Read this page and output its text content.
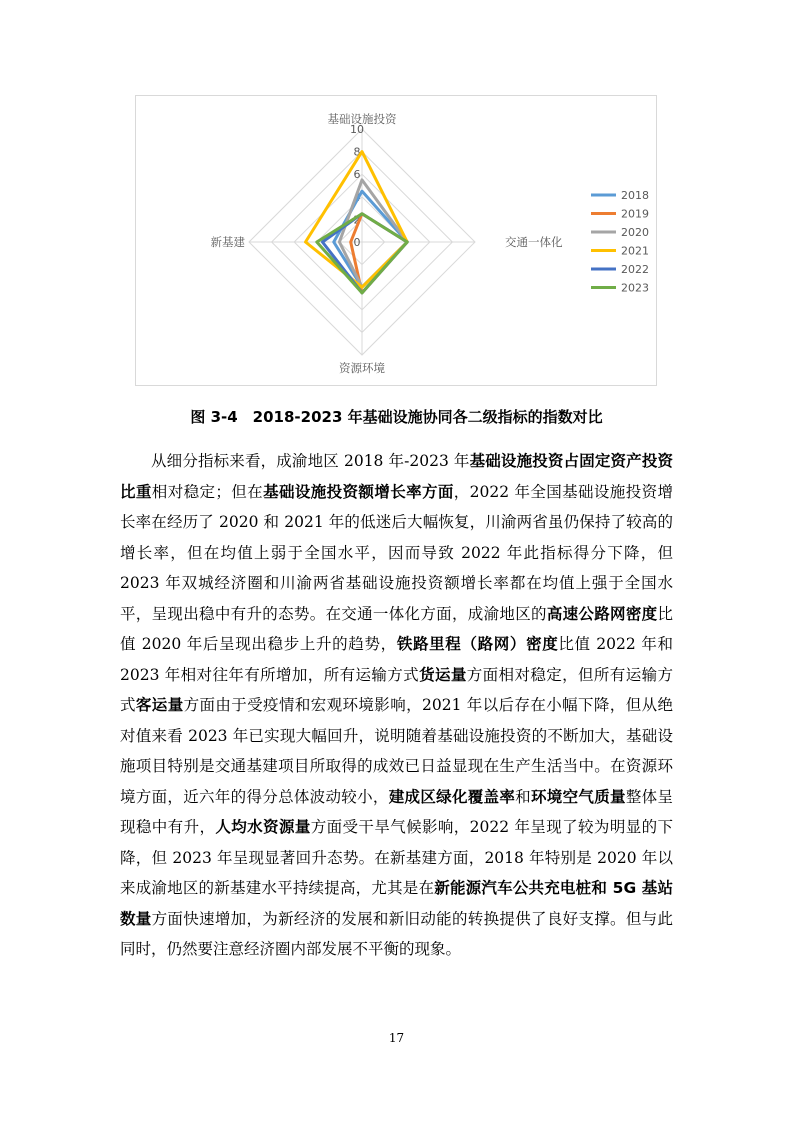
0
2
4
6
8
10
基础设施投资
交通一体化
资源环境
新基建
2018
2019
2020
2021
2022
2023
图 3-4　2018-2023 年基础设施协同各二级指标的指数对比

从细分指标来看，成渝地区 2018 年-2023 年基础设施投资占固定资产投资比重相对稳定；但在基础设施投资额增长率方面，2022 年全国基础设施投资增长率在经历了 2020 和 2021 年的低迷后大幅恢复，川渝两省虽仍保持了较高的增长率，但在均值上弱于全国水平，因而导致 2022 年此指标得分下降，但 2023 年双城经济圈和川渝两省基础设施投资额增长率都在均值上强于全国水平，呈现出稳中有升的态势。在交通一体化方面，成渝地区的高速公路网密度比值 2020 年后呈现出稳步上升的趋势，铁路里程（路网）密度比值 2022 年和 2023 年相对往年有所增加，所有运输方式货运量方面相对稳定，但所有运输方式客运量方面由于受疫情和宏观环境影响，2021 年以后存在小幅下降，但从绝对值来看 2023 年已实现大幅回升，说明随着基础设施投资的不断加大，基础设施项目特别是交通基建项目所取得的成效已日益显现在生产生活当中。在资源环境方面，近六年的得分总体波动较小，建成区绿化覆盖率和环境空气质量整体呈现稳中有升，人均水资源量方面受干旱气候影响，2022 年呈现了较为明显的下降，但 2023 年呈现显著回升态势。在新基建方面，2018 年特别是 2020 年以来成渝地区的新基建水平持续提高，尤其是在新能源汽车公共充电桩和 5G 基站数量方面快速增加，为新经济的发展和新旧动能的转换提供了良好支撑。但与此同时，仍然要注意经济圈内部发展不平衡的现象。

17
